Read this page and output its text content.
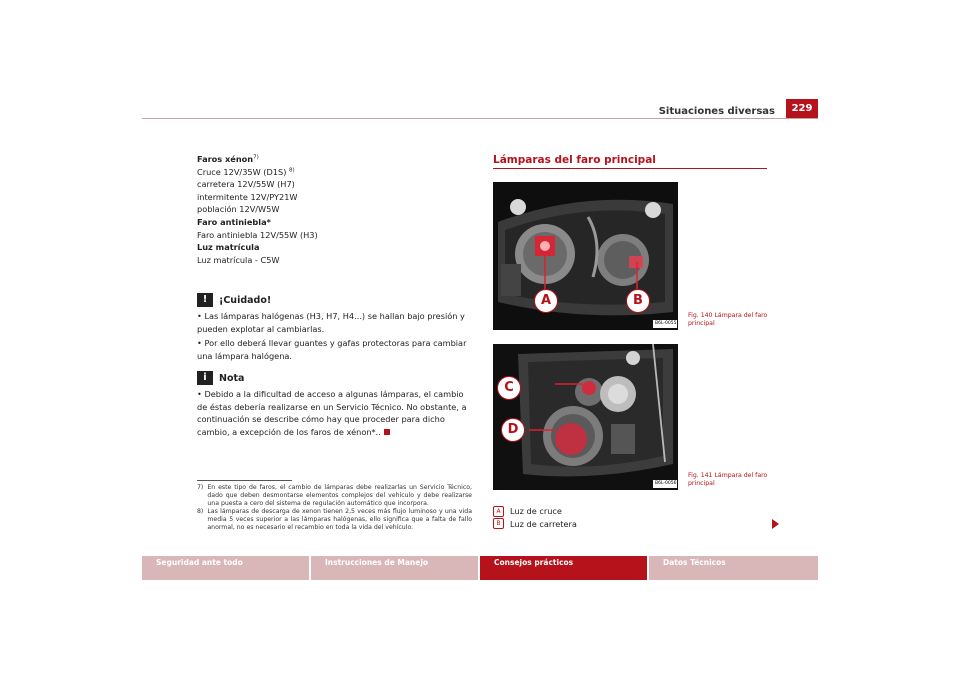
Situaciones diversas	229
Faros xénon$^{7)}$
Cruce 12V/35W (D1S) $^{8)}$
carretera 12V/55W (H7)
intermitente 12V/PY21W
población 12V/W5W
Faro antiniebla*
Faro antiniebla 12V/55W (H3)
Luz matrícula
Luz matrícula - C5W
!	¡Cuidado!
• Las lámparas halógenas (H3, H7, H4...) se hallan bajo presión y pueden explotar al cambiarlas.
• Por ello deberá llevar guantes y gafas protectoras para cambiar una lámpara halógena.
i	Nota
• Debido a la dificultad de acceso a algunas lámparas, el cambio de éstas debería realizarse en un Servicio Técnico. No obstante, a continuación se describe cómo hay que proceder para dicho cambio, a excepción de los faros de xénon*..
7) En este tipo de faros, el cambio de lámparas debe realizarlas un Servicio Técnico, dado que deben desmontarse elementos complejos del vehículo y debe realizarse una puesta a cero del sistema de regulación automático que incorpora.
8) Las lámparas de descarga de xenon tienen 2,5 veces más flujo luminoso y una vida media 5 veces superior a las lámparas halógenas, ello significa que a falta de fallo anormal, no es necesario el recambio en toda la vida del vehículo.
Lámparas del faro principal
A	B
B6L-0055
Fig. 140 Lámpara del faro principal
C
D
B6L-0056
Fig. 141 Lámpara del faro principal
A	Luz de cruce
B	Luz de carretera
Seguridad ante todo	Instrucciones de Manejo	Consejos prácticos	Datos Técnicos
